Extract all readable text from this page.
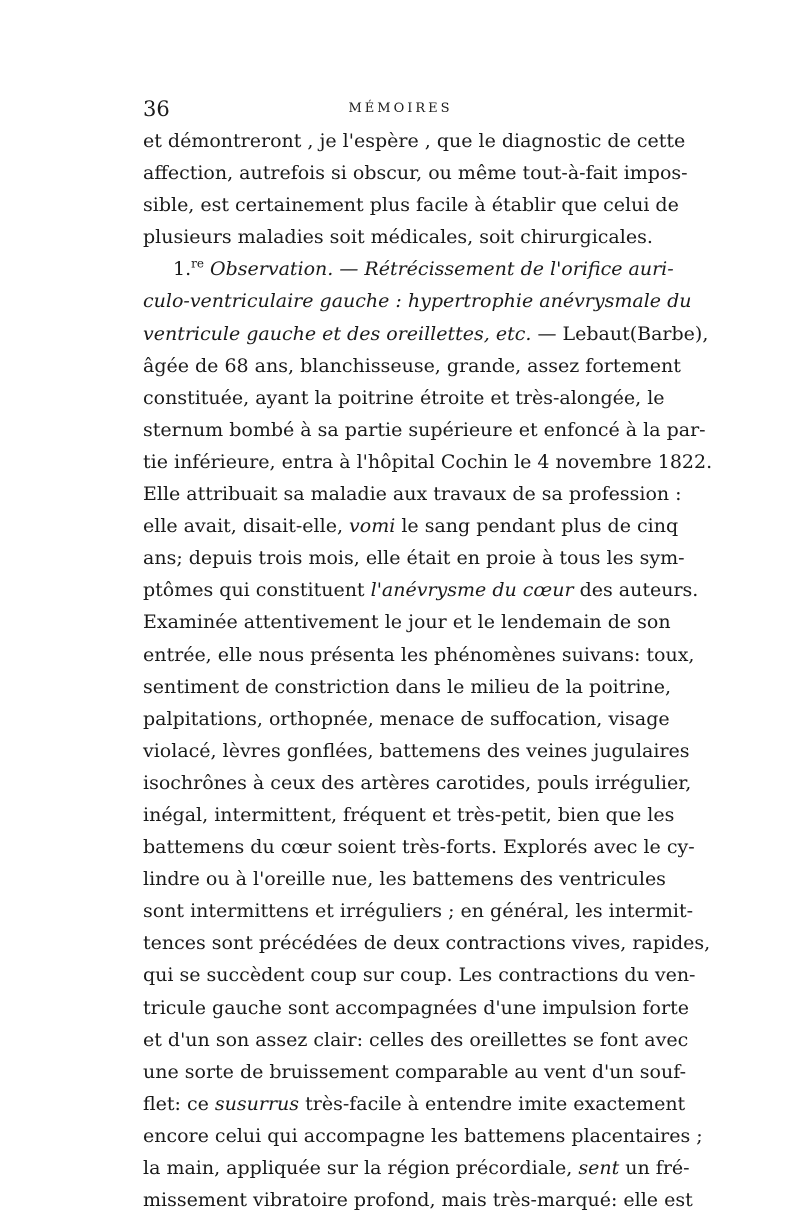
36	MÉMOIRES
et démontreront , je l'espère , que le diagnostic de cette
affection, autrefois si obscur, ou même tout-à-fait impos-
sible, est certainement plus facile à établir que celui de
plusieurs maladies soit médicales, soit chirurgicales.
1.$^{re}$ Observation. — Rétrécissement de l'orifice auri-
culo-ventriculaire gauche : hypertrophie anévrysmale du
ventricule gauche et des oreillettes, etc. — Lebaut(Barbe),
âgée de 68 ans, blanchisseuse, grande, assez fortement
constituée, ayant la poitrine étroite et très-alongée, le
sternum bombé à sa partie supérieure et enfoncé à la par-
tie inférieure, entra à l'hôpital Cochin le 4 novembre 1822.
Elle attribuait sa maladie aux travaux de sa profession :
elle avait, disait-elle, vomi le sang pendant plus de cinq
ans; depuis trois mois, elle était en proie à tous les sym-
ptômes qui constituent l'anévrysme du cœur des auteurs.
Examinée attentivement le jour et le lendemain de son
entrée, elle nous présenta les phénomènes suivans: toux,
sentiment de constriction dans le milieu de la poitrine,
palpitations, orthopnée, menace de suffocation, visage
violacé, lèvres gonflées, battemens des veines jugulaires
isochrônes à ceux des artères carotides, pouls irrégulier,
inégal, intermittent, fréquent et très-petit, bien que les
battemens du cœur soient très-forts. Explorés avec le cy-
lindre ou à l'oreille nue, les battemens des ventricules
sont intermittens et irréguliers ; en général, les intermit-
tences sont précédées de deux contractions vives, rapides,
qui se succèdent coup sur coup. Les contractions du ven-
tricule gauche sont accompagnées d'une impulsion forte
et d'un son assez clair: celles des oreillettes se font avec
une sorte de bruissement comparable au vent d'un souf-
flet: ce susurrus très-facile à entendre imite exactement
encore celui qui accompagne les battemens placentaires ;
la main, appliquée sur la région précordiale, sent un fré-
missement vibratoire profond, mais très-marqué: elle est
